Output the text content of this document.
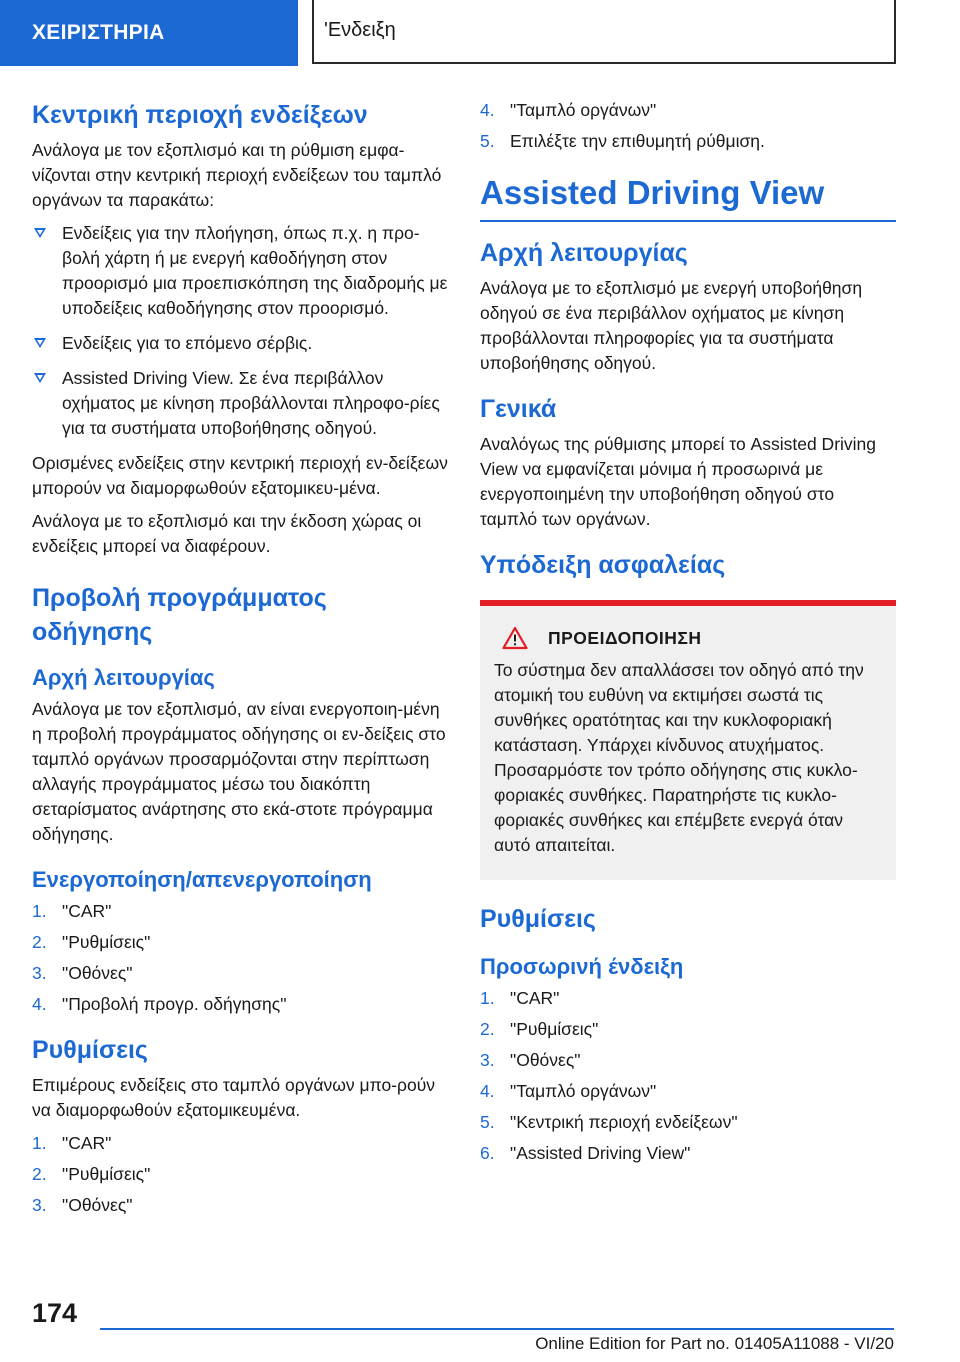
ΧΕΙΡΙΣΤΗΡΙΑ	'Ενδειξη
Κεντρική περιοχή ενδείξεων

Ανάλογα με τον εξοπλισμό και τη ρύθμιση εμφα-νίζονται στην κεντρική περιοχή ενδείξεων του ταμπλό οργάνων τα παρακάτω:

Ενδείξεις για την πλοήγηση, όπως π.χ. η προ-βολή χάρτη ή με ενεργή καθοδήγηση στον προορισμό μια προεπισκόπηση της διαδρομής με υποδείξεις καθοδήγησης στον προορισμό.
Ενδείξεις για το επόμενο σέρβις.
Assisted Driving View. Σε ένα περιβάλλον οχήματος με κίνηση προβάλλονται πληροφο-ρίες για τα συστήματα υποβοήθησης οδηγού.

Ορισμένες ενδείξεις στην κεντρική περιοχή εν-δείξεων μπορούν να διαμορφωθούν εξατομικευ-μένα.

Ανάλογα με το εξοπλισμό και την έκδοση χώρας οι ενδείξεις μπορεί να διαφέρουν.

Προβολή προγράμματος οδήγησης
Αρχή λειτουργίας

Ανάλογα με τον εξοπλισμό, αν είναι ενεργοποιη-μένη η προβολή προγράμματος οδήγησης οι εν-δείξεις στο ταμπλό οργάνων προσαρμόζονται στην περίπτωση αλλαγής προγράμματος μέσω του διακόπτη σεταρίσματος ανάρτησης στο εκά-στοτε πρόγραμμα οδήγησης.

Ενεργοποίηση/απενεργοποίηση
1. "CAR"
2. "Ρυθμίσεις"
3. "Οθόνες"
4. "Προβολή προγρ. οδήγησης"
Ρυθμίσεις

Επιμέρους ενδείξεις στο ταμπλό οργάνων μπο-ρούν να διαμορφωθούν εξατομικευμένα.

1. "CAR"
2. "Ρυθμίσεις"
3. "Οθόνες"
4. "Ταμπλό οργάνων"
5. Επιλέξτε την επιθυμητή ρύθμιση.
Assisted Driving View
Αρχή λειτουργίας

Ανάλογα με το εξοπλισμό με ενεργή υποβοήθηση οδηγού σε ένα περιβάλλον οχήματος με κίνηση προβάλλονται πληροφορίες για τα συστήματα υποβοήθησης οδηγού.

Γενικά

Αναλόγως της ρύθμισης μπορεί το Assisted Driving View να εμφανίζεται μόνιμα ή προσωρινά με ενεργοποιημένη την υποβοήθηση οδηγού στο ταμπλό των οργάνων.

Υπόδειξη ασφαλείας
ΠΡΟΕΙΔΟΠΟΙΗΣΗ

Το σύστημα δεν απαλλάσσει τον οδηγό από την ατομική του ευθύνη να εκτιμήσει σωστά τις συνθήκες ορατότητας και την κυκλοφοριακή κατάσταση. Υπάρχει κίνδυνος ατυχήματος. Προσαρμόστε τον τρόπο οδήγησης στις κυκλο-φοριακές συνθήκες. Παρατηρήστε τις κυκλο-φοριακές συνθήκες και επέμβετε ενεργά όταν αυτό απαιτείται.

Ρυθμίσεις
Προσωρινή ένδειξη
1. "CAR"
2. "Ρυθμίσεις"
3. "Οθόνες"
4. "Ταμπλό οργάνων"
5. "Κεντρική περιοχή ενδείξεων"
6. "Assisted Driving View"
174
Online Edition for Part no. 01405A11088 - VI/20
